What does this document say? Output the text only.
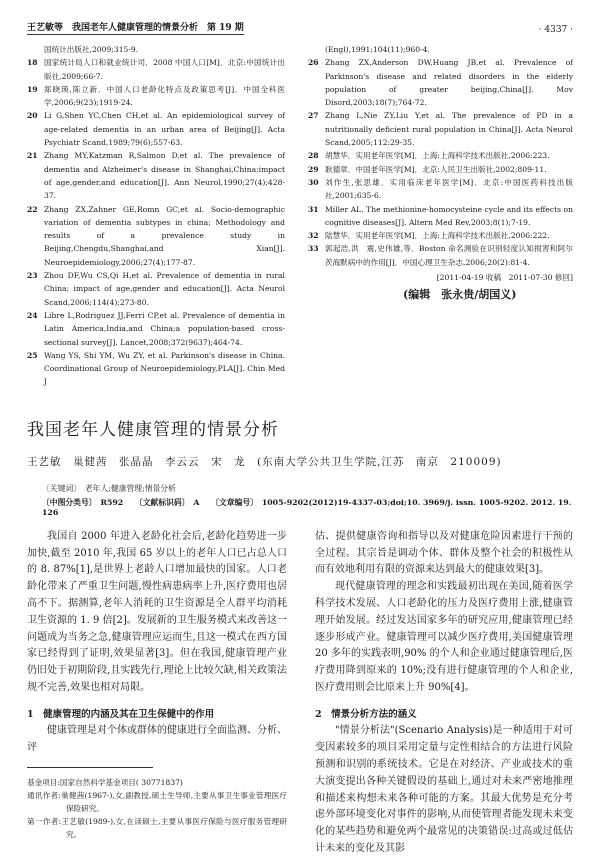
王艺敏等　我国老年人健康管理的情景分析　第 19 期	· 4337 ·
国统计出版社,2009;315-9.
18 国家统计局人口和就业统计司．2008 中国人口[M]．北京:中国统计出版社,2009;66-7.
19 郑晓瑛,陈立新．中国人口老龄化特点及政策思考[J]．中国全科医学,2006;9(23);1919-24.
20 Li G,Shen YC,Chen CH,et al. An epidemiological survey of age-related dementia in an urban area of Beijing[J]. Acta Psychiatr Scand,1989;79(6);557-63.
21 Zhang MY,Katzman R,Salmon D,et al. The prevalence of dementia and Alzheimer's disease in Shanghai,China;impact of age,gender,and education[J]. Ann Neurol,1990;27(4);428-37.
22 Zhang ZX,Zahner GE,Romn GC,et al. Socio-demographic variation of dementia subtypes in china; Methodology and results of a prevalence study in Beijing,Chengdu,Shanghai,and Xian[J]. Neuroepidemiology,2006;27(4);177-87.
23 Zhou DF,Wu CS,Qi H,et al. Prevalence of dementia in rural China; impact of age,gender and education[J]. Acta Neurol Scand,2006;114(4);273-80.
24 Libre L,Rodriguez JJ,Ferri CP,et al. Prevalence of dementia in Latin America,India,and China;a population-based cross-sectional survey[J]. Lancet,2008;372(9637);464-74.
25 Wang YS, Shi YM, Wu ZY, et al. Parkinson's disease in China. Coordinational Group of Neuroepidemiology,PLA[J]. Chin Med J
(Engl),1991;104(11);960-4.
26 Zhang ZX,Anderson DW,Huang JB,et al. Prevalence of Parkinson's disease and related disorders in the elderly population of greater beijing,China[J]. Mov Disord,2003;18(7);764-72.
27 Zhang L,Nie ZY,Liu Y,et al. The prevalence of PD in a nutritionally deficient rural population in China[J]. Acta Neurol Scand,2005;112:29-35.
28 胡慧华．实用老年医学[M]．上海:上海科学技术出版社,2006:223.
29 耿德章．中国老年医学[M]．北京:人民卫生出版社,2002;809-11.
30 刘作生,张思雄．实用临床老年医学[M]．北京:中国医药科技出版社,2001;635-6.
31 Miller AL. The methionine-homocysteine cycle and its effects on cognitive diseases[J]. Altern Med Rev,2003;8(1);7-19.
32 陆慧华．实用老年医学[M]．上海:上海科学技术出版社,2006:222.
33 郭起浩,洪　震,史伟雄,等．Boston 命名测验在识别轻度认知损害和阿尔茨海默病中的作用[J]．中国心理卫生杂志,2006;20(2):81-4.
[2011-04-19 收稿　2011-07-30 修回]
(编辑　张永贵/胡国义)
我国老年人健康管理的情景分析
王艺敏　巢健茜　张晶晶　李云云　宋　龙　(东南大学公共卫生学院,江苏　南京　210009)
〔关键词〕　老年人;健康管理;情景分析
〔中图分类号〕　R592　　〔文献标识码〕　A　　〔文章编号〕　1005-9202(2012)19-4337-03;doi;10. 3969/j. issn. 1005-9202. 2012. 19. 126

我国自 2000 年进入老龄化社会后,老龄化趋势进一步加快,截至 2010 年,我国 65 岁以上的老年人口已占总人口的 8. 87%[1],是世界上老龄人口增加最快的国家。人口老龄化带来了严重卫生问题,慢性病患病率上升,医疗费用也居高不下。据测算,老年人消耗的卫生资源是全人群平均消耗卫生资源的 1. 9 倍[2]。发展新的卫生服务模式来改善这一问题成为当务之急,健康管理应运而生,且这一模式在西方国家已经得到了证明,效果显著[3]。但在我国,健康管理产业仍旧处于初期阶段,且实践先行,理论上比较欠缺,相关政策法规不完善,效果也相对局限。

1　健康管理的内涵及其在卫生保健中的作用

健康管理是对个体或群体的健康进行全面监测、分析、评

基金项目:国家自然科学基金项目( 30771837)
通讯作者:巢健茜(1967-),女,副教授,硕士生导师,主要从事卫生事业管理医疗保险研究。
第一作者:王艺敏(1989-),女,在读硕士,主要从事医疗保险与医疗服务管理研究。

估、提供健康咨询和指导以及对健康危险因素进行干预的全过程。其宗旨是调动个体、群体及整个社会的积极性从而有效地利用有限的资源来达到最大的健康效果[3]。

现代健康管理的理念和实践最初出现在美国,随着医学科学技术发展、人口老龄化的压力及医疗费用上涨,健康管理开始发展。经过发达国家多年的研究应用,健康管理已经逐步形成产业。健康管理可以减少医疗费用,美国健康管理 20 多年的实践表明,90% 的个人和企业通过健康管理后,医疗费用降到原来的 10%;没有进行健康管理的个人和企业,医疗费用则会比原来上升 90%[4]。

2　情景分析方法的涵义

"情景分析法"(Scenario Analysis)是一种适用于对可变因素较多的项目采用定量与定性相结合的方法进行风险预测和识别的系统技术。它是在对经济、产业或技术的重大演变提出各种关键假设的基础上,通过对未来严密地推理和描述来构想未来各种可能的方案。其最大优势是充分考虑外部环境变化对事件的影响,从而使管理者能发现未来变化的某些趋势和避免两个最常见的决策错误:过高或过低估计未来的变化及其影
